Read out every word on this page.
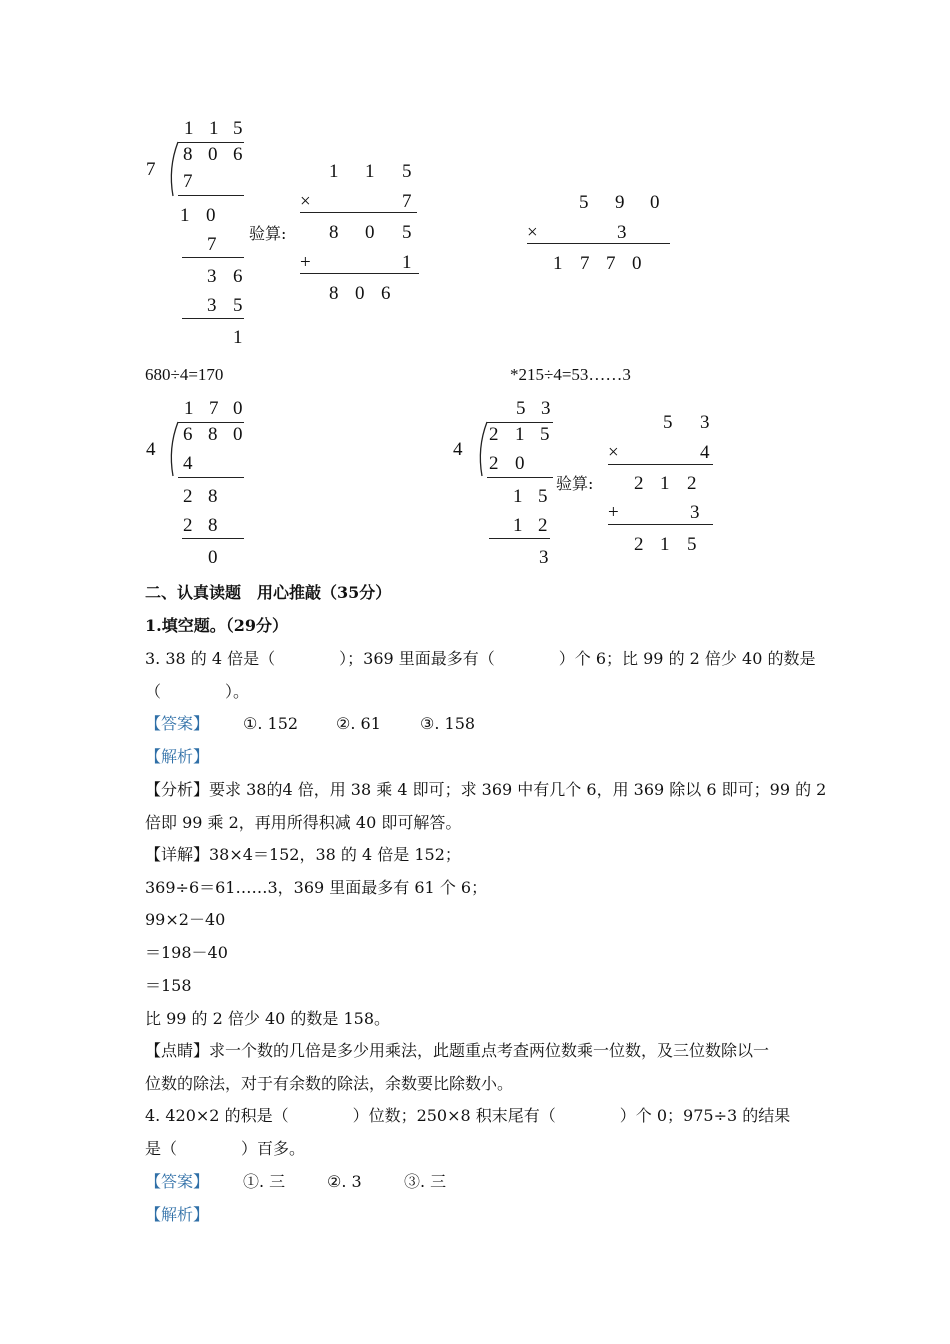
7
1 1 5
8 0 6
7
1 0
7
3 6
3 5
1
验算:
1 1 5
×	7
8 0 5
+	1
8 0 6
5 9 0
×	3
1 7 7 0
680÷4=170	*215÷4=53……3
4
1 7 0
6 8 0
4
2 8
2 8
0
4
5 3
2 1 5
2 0
1 5
1 2
3
验算:
5 3
×	4
2 1 2
+	3
2 1 5
二、认真读题　用心推敲（35分）
1.填空题。（29分）
3. 38 的 4 倍是（　　　　）；369 里面最多有（　　　　）个 6；比 99 的 2 倍少 40 的数是
（　　　　）。
【答案】 ①. 152 ②. 61 ③. 158
【解析】
【分析】要求 38的4 倍，用 38 乘 4 即可；求 369 中有几个 6，用 369 除以 6 即可；99 的 2
倍即 99 乘 2，再用所得积减 40 即可解答。
【详解】38×4＝152，38 的 4 倍是 152；
369÷6＝61……3，369 里面最多有 61 个 6；
99×2－40
＝198－40
＝158
比 99 的 2 倍少 40 的数是 158。
【点睛】求一个数的几倍是多少用乘法，此题重点考查两位数乘一位数，及三位数除以一
位数的除法，对于有余数的除法，余数要比除数小。
4. 420×2 的积是（　　　　）位数；250×8 积末尾有（　　　　）个 0；975÷3 的结果
是（　　　　）百多。
【答案】 ①. 三	②. 3	③. 三
【解析】
